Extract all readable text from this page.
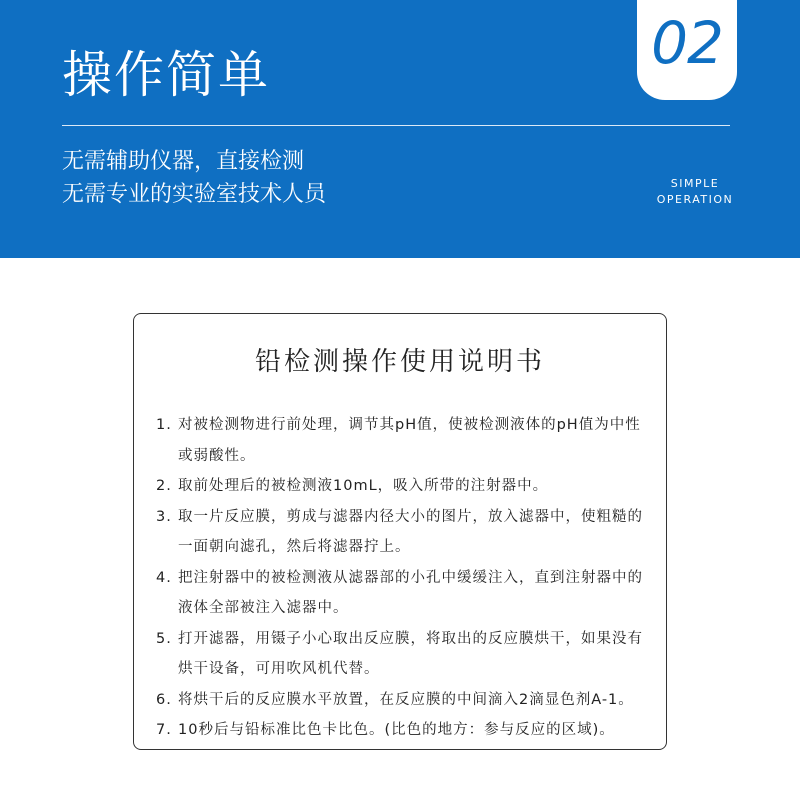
操作简单	02
无需辅助仪器，直接检测
无需专业的实验室技术人员	SIMPLE
OPERATION
铅检测操作使用说明书
1. 对被检测物进行前处理，调节其pH值，使被检测液体的pH值为中性或弱酸性。
2. 取前处理后的被检测液10mL，吸入所带的注射器中。
3. 取一片反应膜，剪成与滤器内径大小的图片，放入滤器中，使粗糙的一面朝向滤孔，然后将滤器拧上。
4. 把注射器中的被检测液从滤器部的小孔中缓缓注入，直到注射器中的液体全部被注入滤器中。
5. 打开滤器，用镊子小心取出反应膜，将取出的反应膜烘干，如果没有烘干设备，可用吹风机代替。
6. 将烘干后的反应膜水平放置，在反应膜的中间滴入2滴显色剂A-1。
7. 10秒后与铅标准比色卡比色。(比色的地方：参与反应的区域)。
